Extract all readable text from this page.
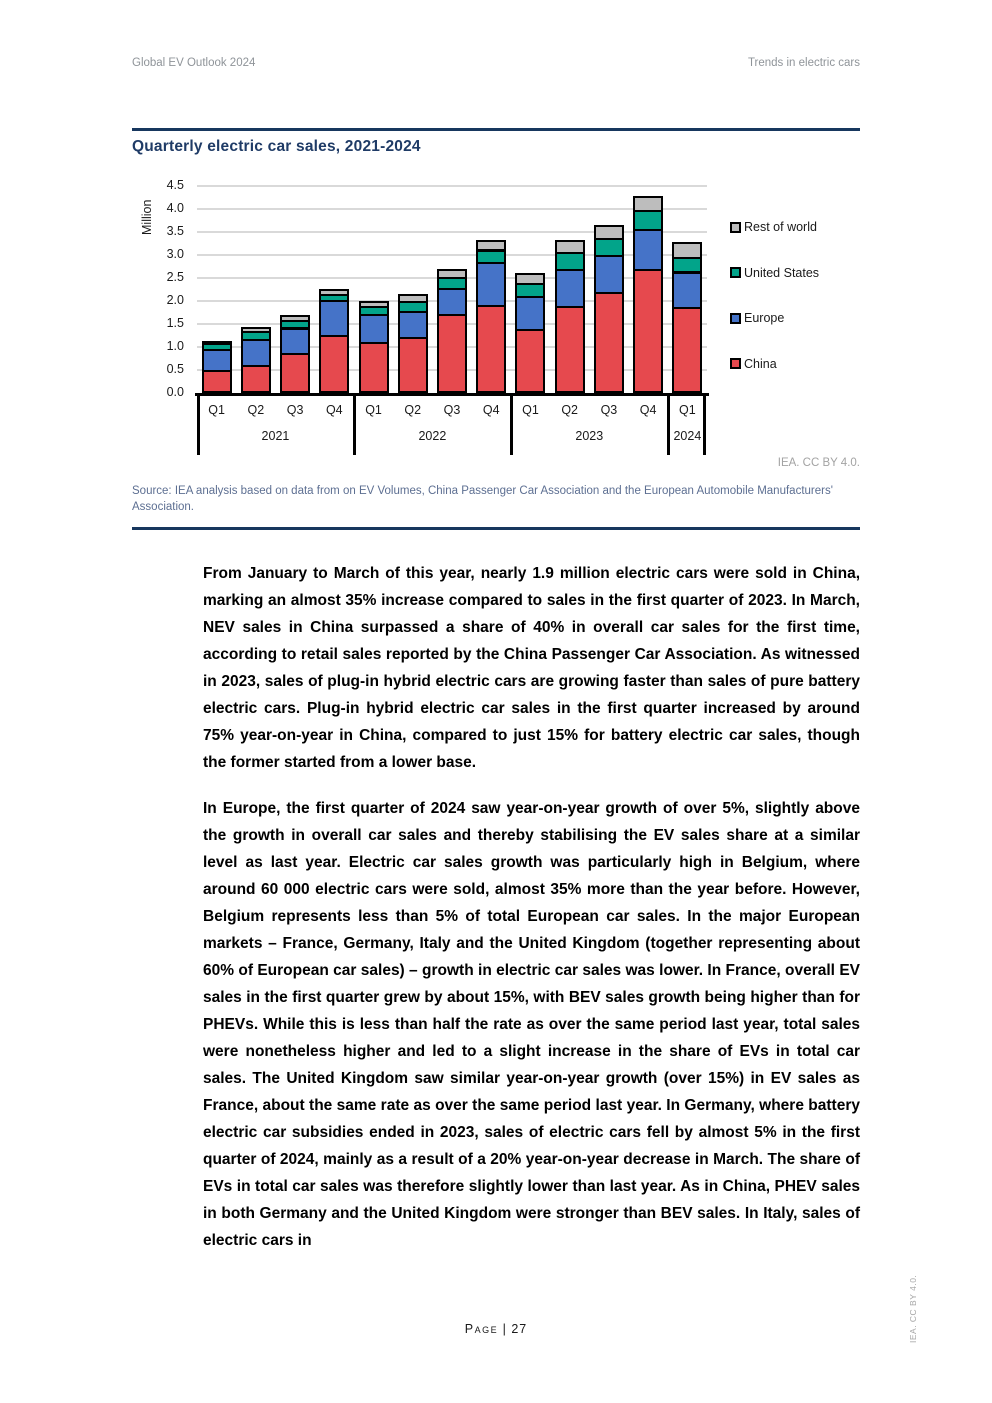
Global EV Outlook 2024	Trends in electric cars
Quarterly electric car sales, 2021-2024
Million
4.5
4.0
3.5
3.0
2.5
2.0
1.5
1.0
0.5
0.0
Q1	Q2	Q3	Q4	Q1	Q2	Q3	Q4	Q1	Q2	Q3	Q4	Q1
2021	2022	2023	2024
Rest of world
United States
Europe
China
IEA. CC BY 4.0.
Source: IEA analysis based on data from on EV Volumes, China Passenger Car Association and the European Automobile Manufacturers' Association.

From January to March of this year, nearly 1.9 million electric cars were sold in China, marking an almost 35% increase compared to sales in the first quarter of 2023. In March, NEV sales in China surpassed a share of 40% in overall car sales for the first time, according to retail sales reported by the China Passenger Car Association. As witnessed in 2023, sales of plug-in hybrid electric cars are growing faster than sales of pure battery electric cars. Plug-in hybrid electric car sales in the first quarter increased by around 75% year-on-year in China, compared to just 15% for battery electric car sales, though the former started from a lower base.

In Europe, the first quarter of 2024 saw year-on-year growth of over 5%, slightly above the growth in overall car sales and thereby stabilising the EV sales share at a similar level as last year. Electric car sales growth was particularly high in Belgium, where around 60 000 electric cars were sold, almost 35% more than the year before. However, Belgium represents less than 5% of total European car sales. In the major European markets – France, Germany, Italy and the United Kingdom (together representing about 60% of European car sales) – growth in electric car sales was lower. In France, overall EV sales in the first quarter grew by about 15%, with BEV sales growth being higher than for PHEVs. While this is less than half the rate as over the same period last year, total sales were nonetheless higher and led to a slight increase in the share of EVs in total car sales. The United Kingdom saw similar year-on-year growth (over 15%) in EV sales as France, about the same rate as over the same period last year. In Germany, where battery electric car subsidies ended in 2023, sales of electric cars fell by almost 5% in the first quarter of 2024, mainly as a result of a 20% year-on-year decrease in March. The share of EVs in total car sales was therefore slightly lower than last year. As in China, PHEV sales in both Germany and the United Kingdom were stronger than BEV sales. In Italy, sales of electric cars in

Page | 27	IEA. CC BY 4.0.
